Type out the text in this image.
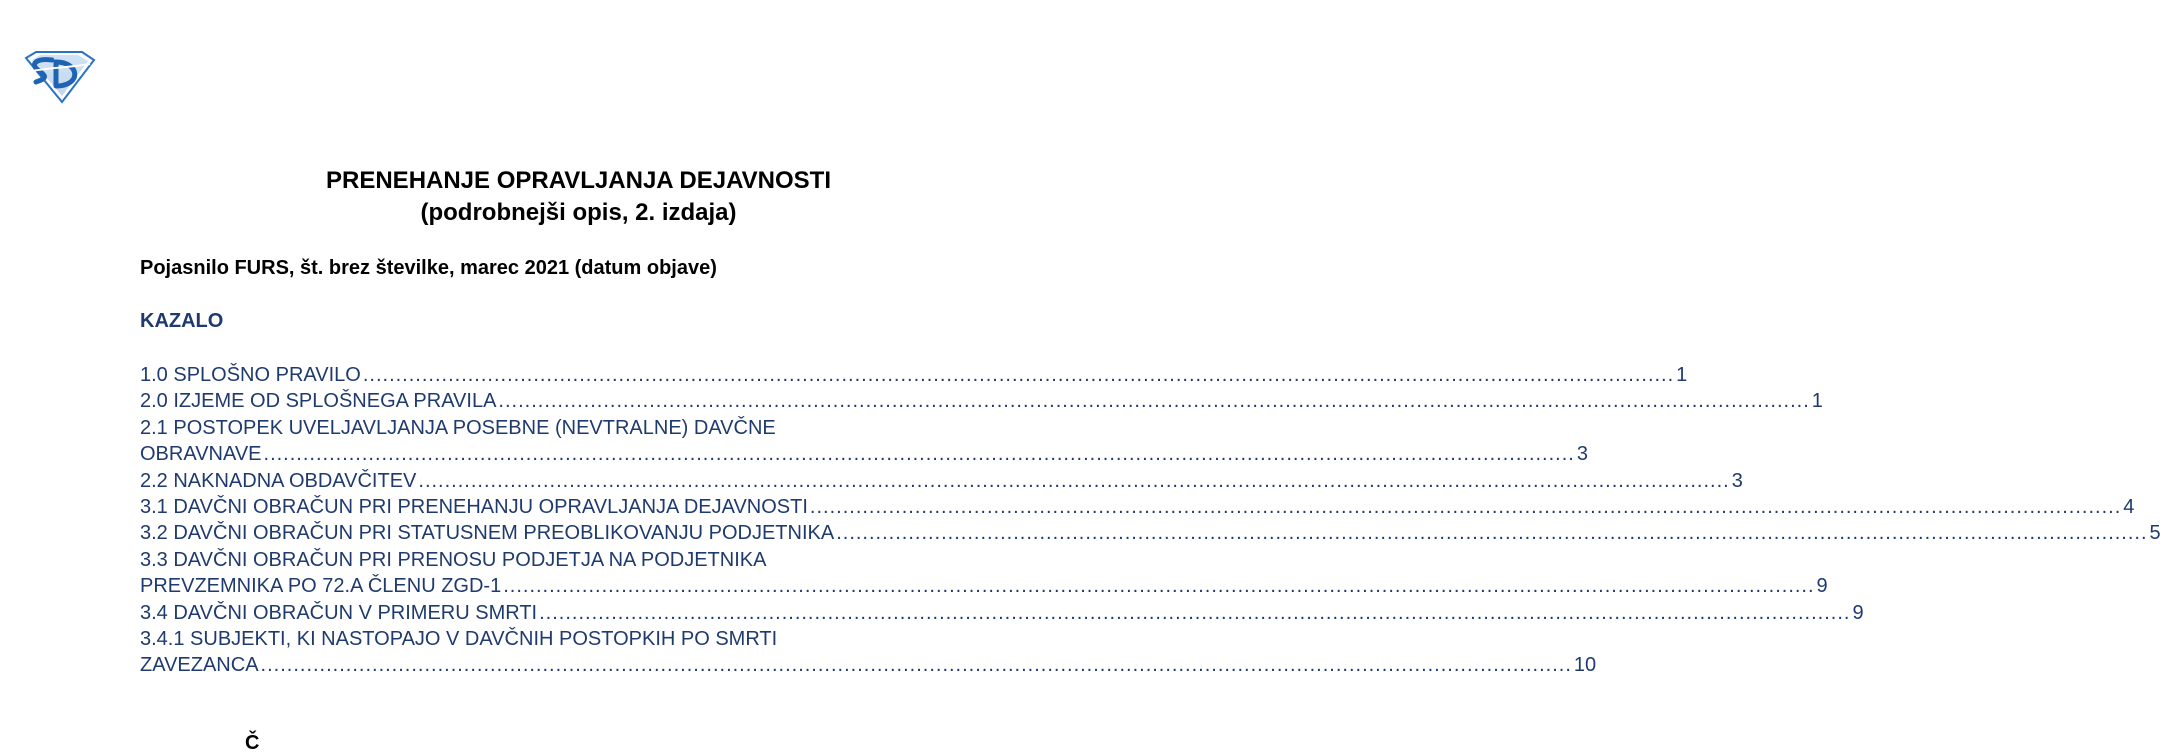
PRENEHANJE OPRAVLJANJA DEJAVNOSTI
(podrobnejši opis, 2. izdaja)
Pojasnilo FURS, št. brez številke, marec 2021 (datum objave)
KAZALO
1.0 SPLOŠNO PRAVILO ........................................................................................................................................................................................................ 1
2.0 IZJEME OD SPLOŠNEGA PRAVILA ........................................................................................................................................................................................................ 1
2.1 POSTOPEK UVELJAVLJANJA POSEBNE (NEVTRALNE) DAVČNE
OBRAVNAVE ........................................................................................................................................................................................................ 3
2.2 NAKNADNA OBDAVČITEV ........................................................................................................................................................................................................ 3
3.1 DAVČNI OBRAČUN PRI PRENEHANJU OPRAVLJANJA DEJAVNOSTI ........................................................................................................................................................................................................ 4
3.2 DAVČNI OBRAČUN PRI STATUSNEM PREOBLIKOVANJU PODJETNIKA ........................................................................................................................................................................................................ 5
3.3 DAVČNI OBRAČUN PRI PRENOSU PODJETJA NA PODJETNIKA
PREVZEMNIKA PO 72.A ČLENU ZGD-1 ........................................................................................................................................................................................................ 9
3.4 DAVČNI OBRAČUN V PRIMERU SMRTI ........................................................................................................................................................................................................ 9
3.4.1 SUBJEKTI, KI NASTOPAJO V DAVČNIH POSTOPKIH PO SMRTI
ZAVEZANCA ........................................................................................................................................................................................................ 10
Č
